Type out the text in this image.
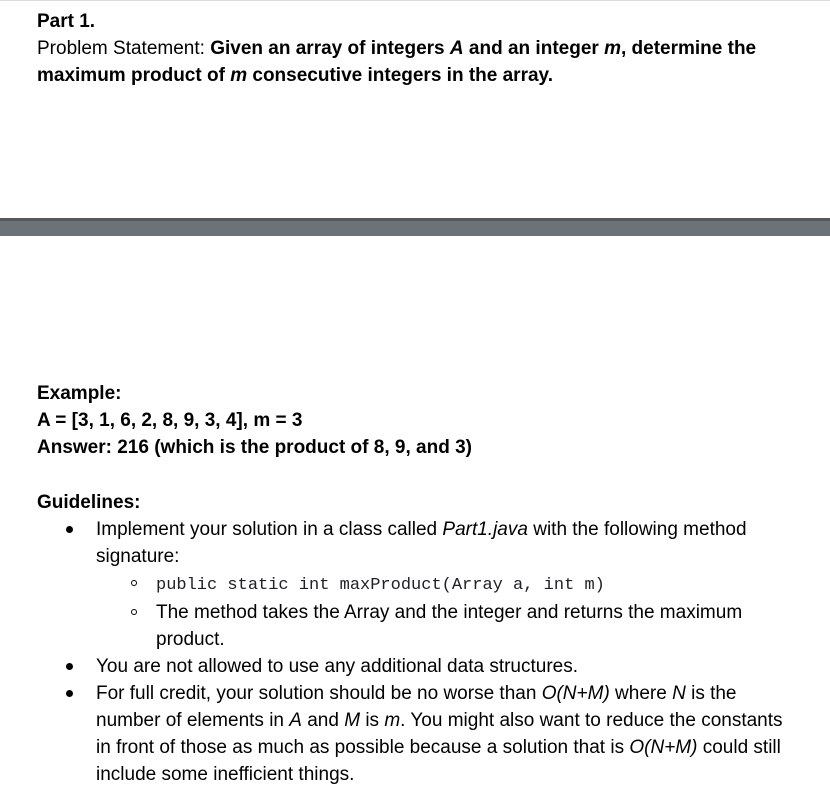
Part 1.

Problem Statement: Given an array of integers A and an integer m, determine the maximum product of m consecutive integers in the array.

Example:
A = [3, 1, 6, 2, 8, 9, 3, 4], m = 3
Answer: 216 (which is the product of 8, 9, and 3)

Guidelines:

Implement your solution in a class called Part1.java with the following method signature:
public static int maxProduct(Array a, int m)
The method takes the Array and the integer and returns the maximum product.
You are not allowed to use any additional data structures.
For full credit, your solution should be no worse than O(N+M) where N is the number of elements in A and M is m. You might also want to reduce the constants in front of those as much as possible because a solution that is O(N+M) could still include some inefficient things.
